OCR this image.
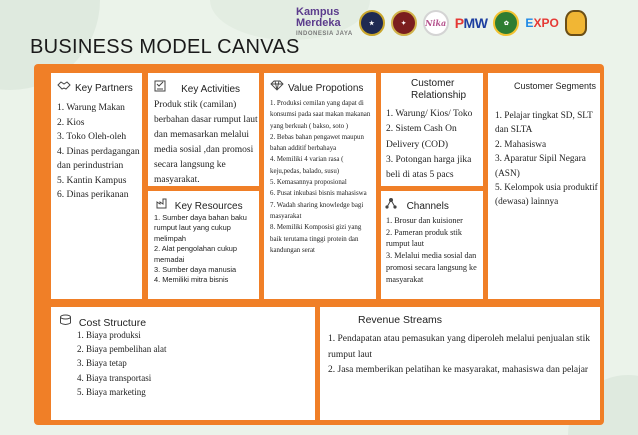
Kampus
Merdeka
INDONESIA JAYA
★	✦	Nika PMW	✿	EXPO
BUSINESS MODEL CANVAS
Key Partners
1. Warung Makan
2. Kios
3. Toko Oleh-oleh
4. Dinas perdagangan dan perindustrian
5. Kantin Kampus
6. Dinas perikanan
Key Activities
Produk stik (camilan) berbahan dasar rumput laut dan memasarkan melalui media sosial ,dan promosi secara langsung ke masyarakat.
Key Resources
1. Sumber daya bahan baku rumput laut yang cukup melimpah
2. Alat pengolahan cukup memadai
3. Sumber daya manusia
4. Memiliki mitra bisnis
Value Propotions
1. Produksi cemilan yang dapat di konsumsi pada saat makan makanan yang berkuah ( bakso, soto )
2. Bebas bahan pengawet maupun bahan additif berbahaya
4. Memiliki 4 varian rasa ( keju,pedas, balado, susu)
5. Kemasannya proposional
6. Pusat inkubasi bisnis mahasiswa
7. Wadah sharing knowledge bagi masyarakat
8. Memiliki Komposisi gizi yang baik terutama tinggi protein dan kandungan serat
Customer Relationship
1. Warung/ Kios/ Toko
2. Sistem Cash On Delivery (COD)
3. Potongan harga jika beli di atas 5 pacs
Channels
1. Brosur dan kuisioner
2. Pameran produk stik rumput laut
3. Melalui media sosial dan promosi secara langsung ke masyarakat
Customer Segments
1. Pelajar tingkat SD, SLT dan SLTA
2. Mahasiswa
3. Aparatur Sipil Negara (ASN)
5. Kelompok usia produktif (dewasa) lainnya
Cost Structure
1. Biaya produksi
2. Biaya pembelihan alat
3. Biaya tetap
4. Biaya transportasi
5. Biaya marketing
Revenue Streams
1. Pendapatan atau pemasukan yang diperoleh melalui penjualan stik rumput laut
2. Jasa memberikan pelatihan ke masyarakat, mahasiswa dan pelajar
